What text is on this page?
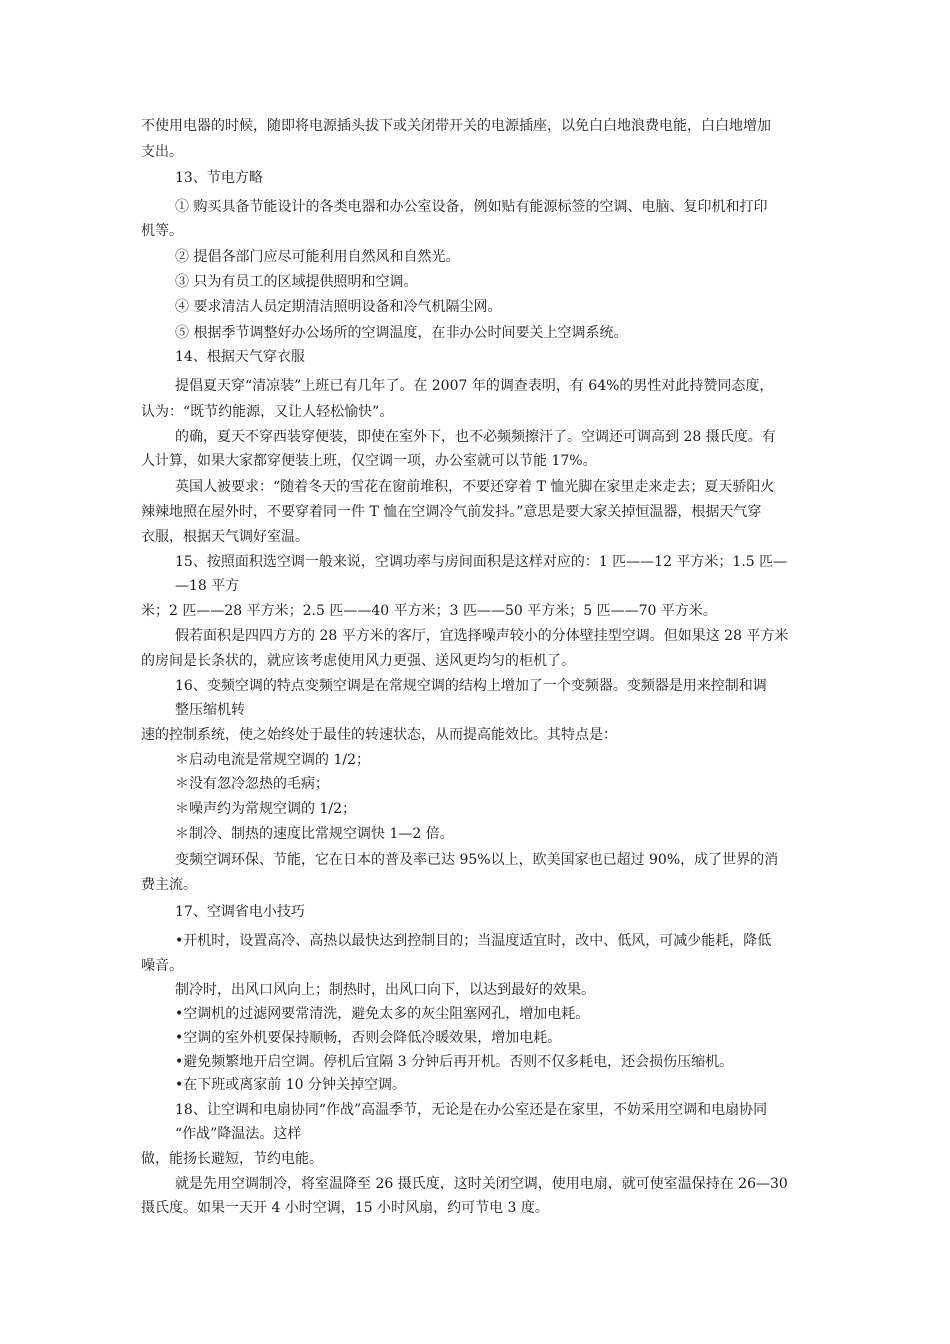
不使用电器的时候，随即将电源插头拔下或关闭带开关的电源插座，以免白白地浪费电能，白白地增加
支出。
13、节电方略
① 购买具备节能设计的各类电器和办公室设备，例如贴有能源标签的空调、电脑、复印机和打印
机等。
② 提倡各部门应尽可能利用自然风和自然光。
③ 只为有员工的区域提供照明和空调。
④ 要求清洁人员定期清洁照明设备和冷气机隔尘网。
⑤ 根据季节调整好办公场所的空调温度，在非办公时间要关上空调系统。
14、根据天气穿衣服
提倡夏天穿“清凉装”上班已有几年了。在 2007 年的调查表明，有 64%的男性对此持赞同态度，
认为：“既节约能源，又让人轻松愉快”。
的确，夏天不穿西装穿便装，即使在室外下，也不必频频擦汗了。空调还可调高到 28 摄氏度。有
人计算，如果大家都穿便装上班，仅空调一项，办公室就可以节能 17%。
英国人被要求：“随着冬天的雪花在窗前堆积，不要还穿着 T 恤光脚在家里走来走去；夏天骄阳火
辣辣地照在屋外时，不要穿着同一件 T 恤在空调冷气前发抖。”意思是要大家关掉恒温器，根据天气穿
衣服，根据天气调好室温。
15、按照面积选空调一般来说，空调功率与房间面积是这样对应的：1 匹——12 平方米；1.5 匹—
—18 平方
米；2 匹——28 平方米；2.5 匹——40 平方米；3 匹——50 平方米；5 匹——70 平方米。
假若面积是四四方方的 28 平方米的客厅，宜选择噪声较小的分体壁挂型空调。但如果这 28 平方米
的房间是长条状的，就应该考虑使用风力更强、送风更均匀的柜机了。
16、变频空调的特点变频空调是在常规空调的结构上增加了一个变频器。变频器是用来控制和调
整压缩机转
速的控制系统，使之始终处于最佳的转速状态，从而提高能效比。其特点是：
＊启动电流是常规空调的 1/2；
＊没有忽冷忽热的毛病；
＊噪声约为常规空调的 1/2；
＊制冷、制热的速度比常规空调快 1—2 倍。
变频空调环保、节能，它在日本的普及率已达 95%以上，欧美国家也已超过 90%，成了世界的消
费主流。
17、空调省电小技巧
•开机时，设置高冷、高热以最快达到控制目的；当温度适宜时，改中、低风，可减少能耗，降低
噪音。
制冷时，出风口风向上；制热时，出风口向下，以达到最好的效果。
•空调机的过滤网要常清洗，避免太多的灰尘阻塞网孔，增加电耗。
•空调的室外机要保持顺畅，否则会降低冷暖效果，增加电耗。
•避免频繁地开启空调。停机后宜隔 3 分钟后再开机。否则不仅多耗电，还会损伤压缩机。
•在下班或离家前 10 分钟关掉空调。
18、让空调和电扇协同“作战”高温季节，无论是在办公室还是在家里，不妨采用空调和电扇协同
“作战”降温法。这样
做，能扬长避短，节约电能。
就是先用空调制冷，将室温降至 26 摄氏度，这时关闭空调，使用电扇，就可使室温保持在 26—30
摄氏度。如果一天开 4 小时空调，15 小时风扇，约可节电 3 度。
